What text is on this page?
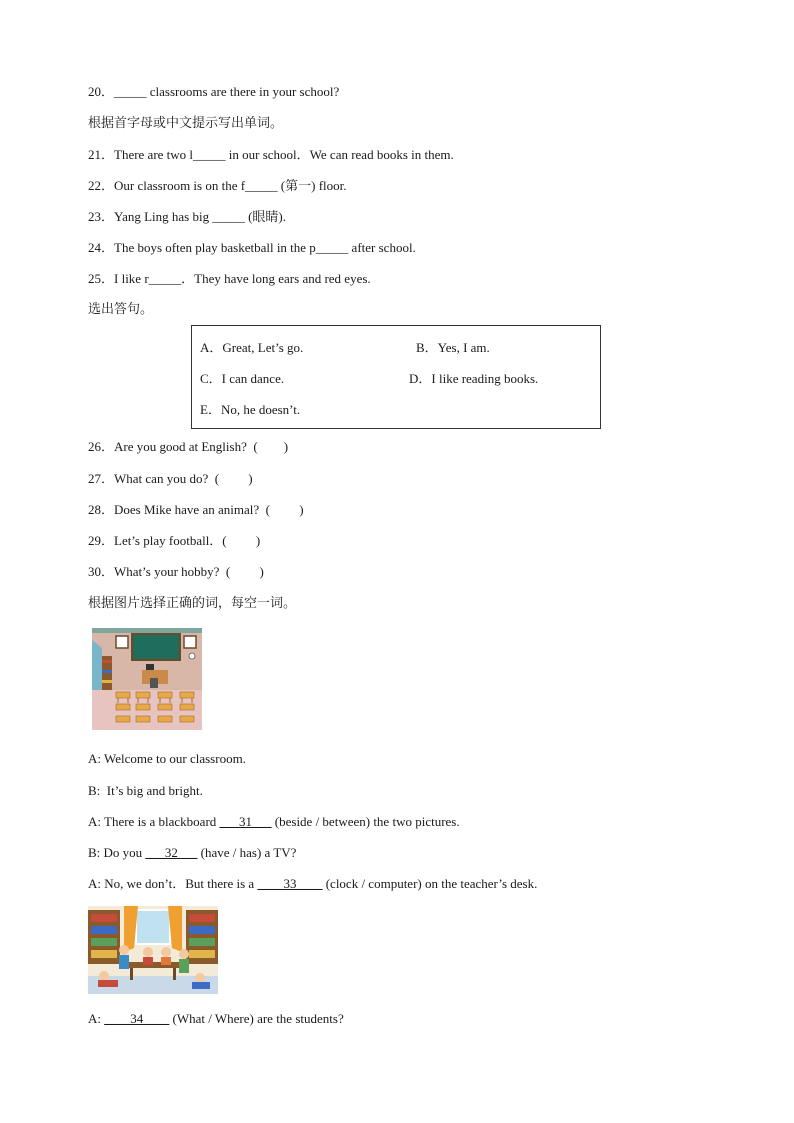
20．_____ classrooms are there in your school?
根据首字母或中文提示写出单词。
21．There are two l_____ in our school．We can read books in them.
22．Our classroom is on the f_____ (第一) floor.
23．Yang Ling has big _____ (眼睛).
24．The boys often play basketball in the p_____ after school.
25．I like r_____．They have long ears and red eyes.
选出答句。
A．Great, Let’s go.	B．Yes, I am.
C．I can dance.	D．I like reading books.
E．No, he doesn’t.
26．Are you good at English?  (        )
27．What can you do?  (         )
28．Does Mike have an animal?  (         )
29．Let’s play football．(         )
30．What’s your hobby?  (         )
根据图片选择正确的词，每空一词。
A: Welcome to our classroom.
B:  It’s big and bright.
A: There is a blackboard ___31___ (beside / between) the two pictures.
B: Do you ___32___ (have / has) a TV?
A: No, we don’t．But there is a ____33____ (clock / computer) on the teacher’s desk.
A: ____34____ (What / Where) are the students?
